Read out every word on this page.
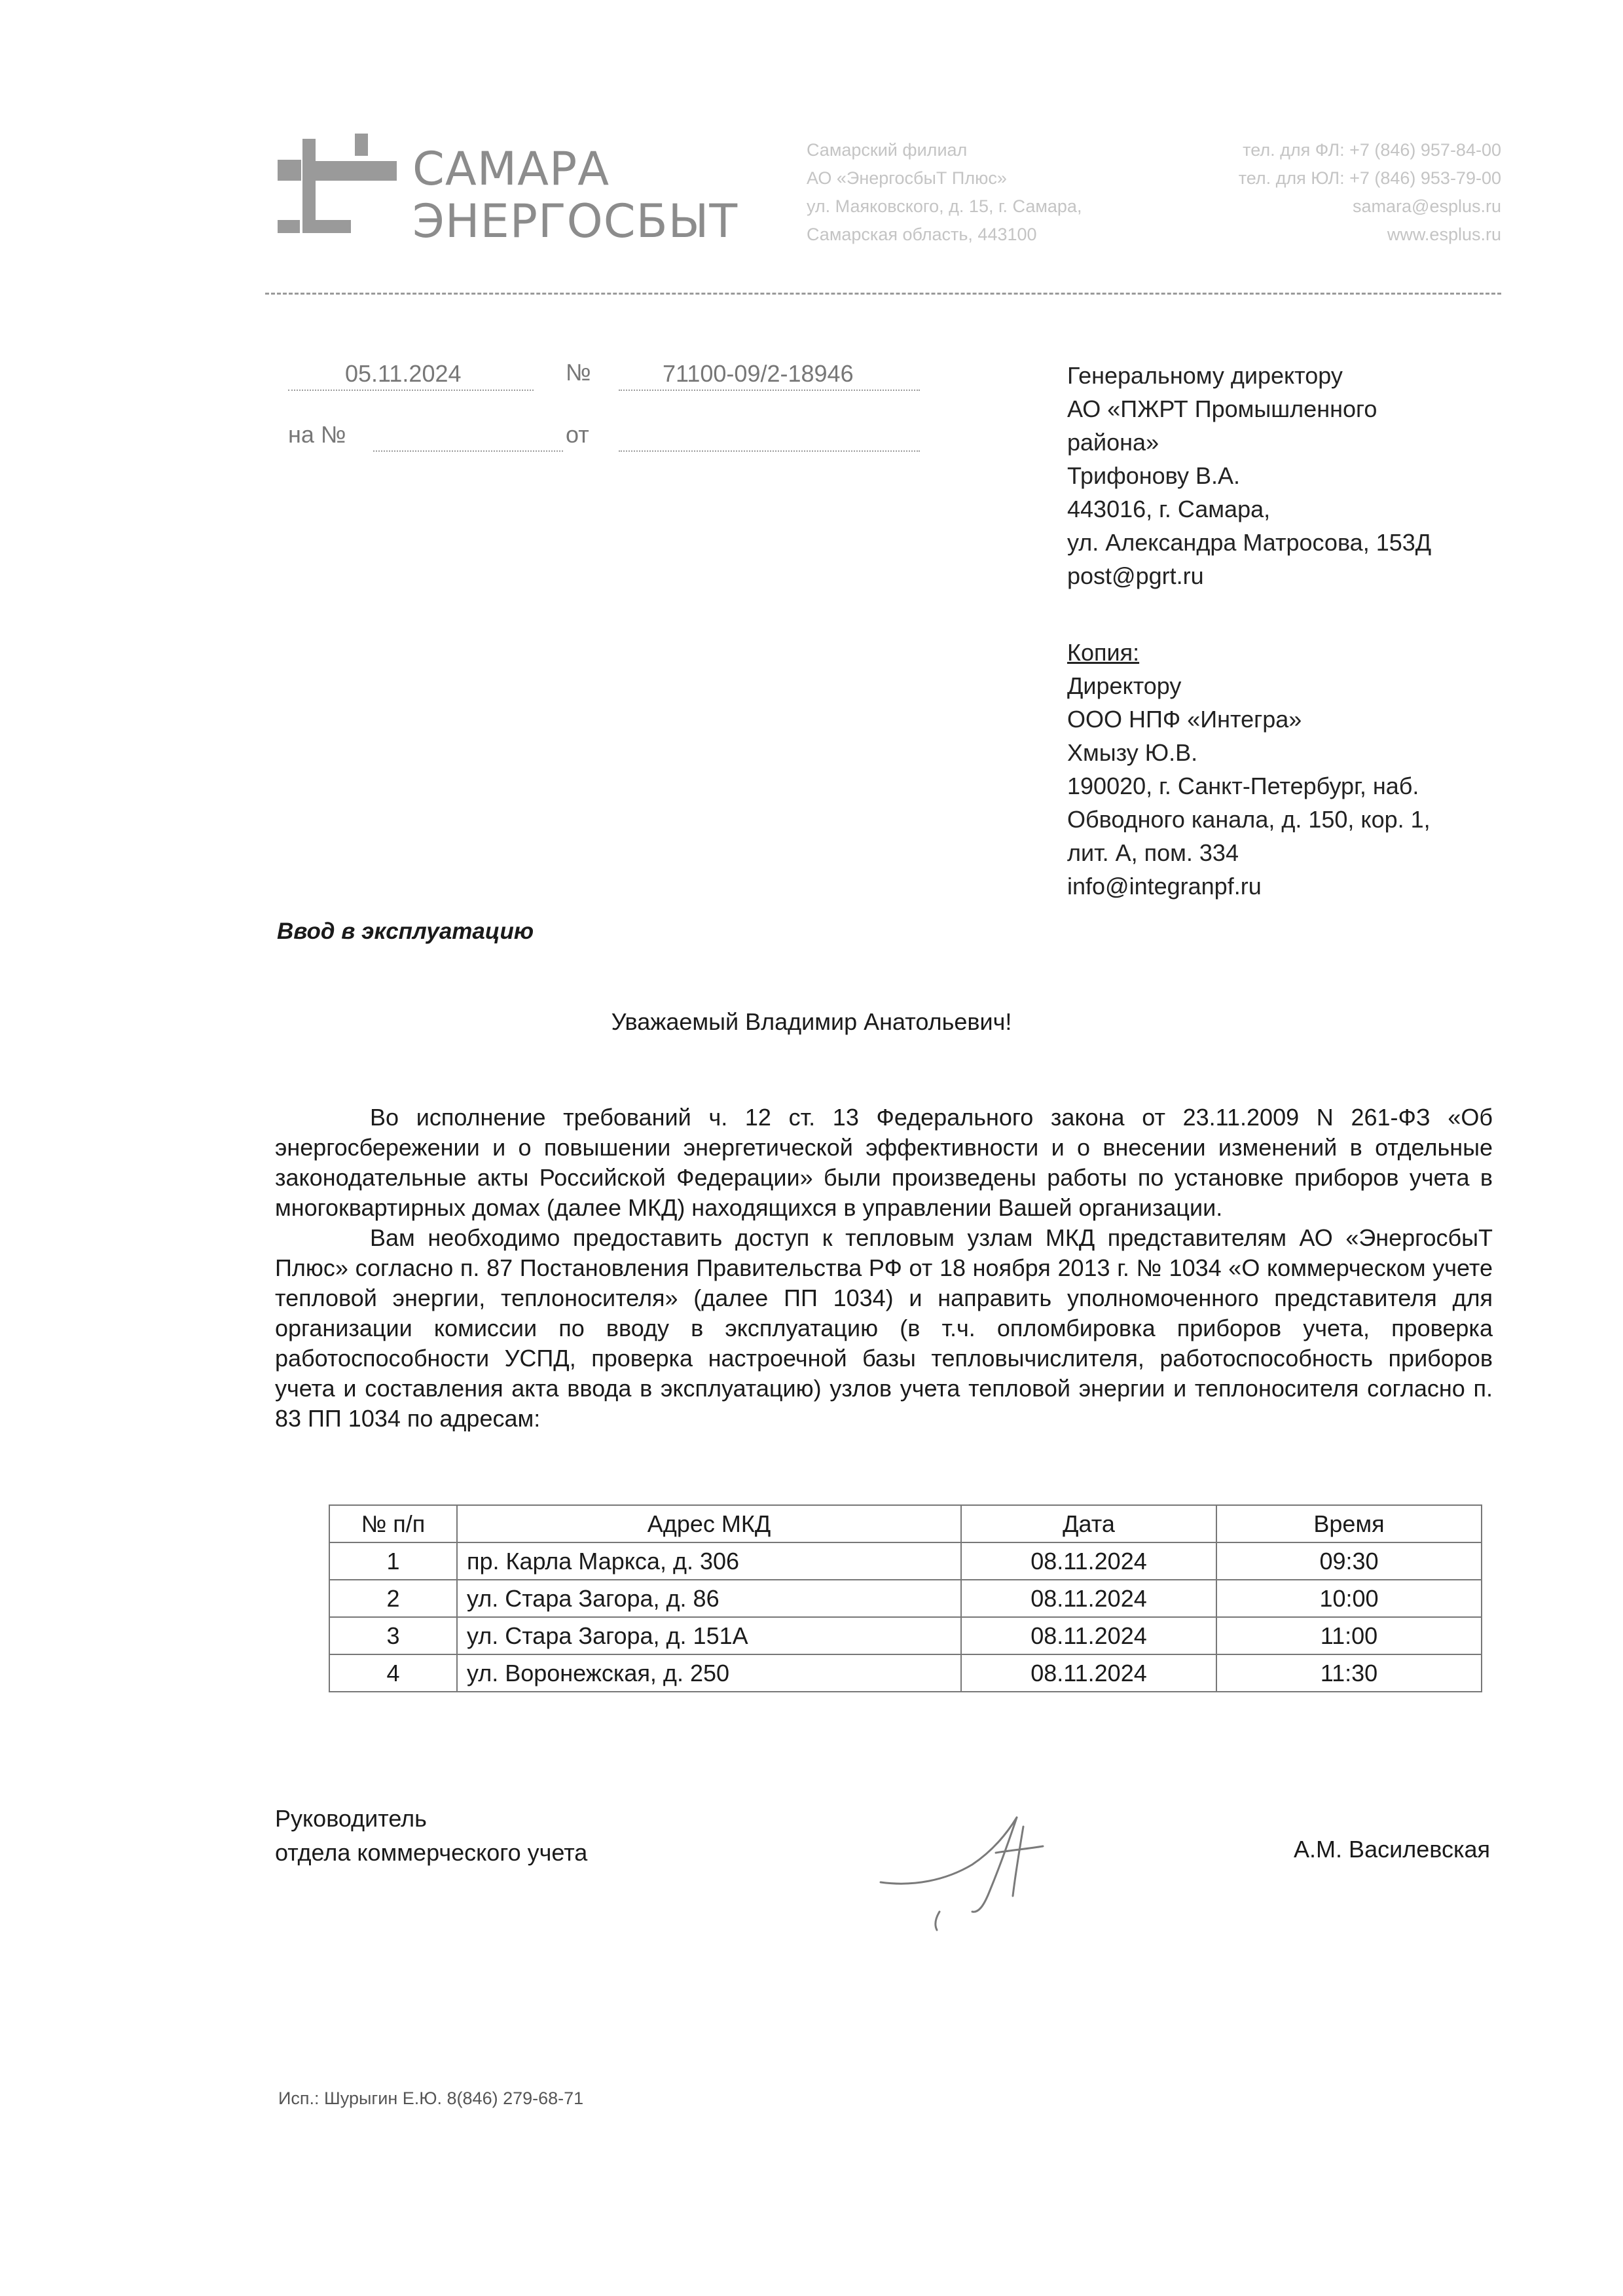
САМАРА
ЭНЕРГОСБЫТ
Самарский филиал
АО «ЭнергосбыТ Плюс»
ул. Маяковского, д. 15, г. Самара,
Самарская область, 443100
тел. для ФЛ: +7 (846) 957-84-00
тел. для ЮЛ: +7 (846) 953-79-00
samara@esplus.ru
www.esplus.ru
05.11.2024	№	71100-09/2-18946
на №	от
Генеральному директору
АО «ПЖРТ Промышленного
района»
Трифонову В.А.
443016, г. Самара,
ул. Александра Матросова, 153Д
post@pgrt.ru
Копия:
Директору
ООО НПФ «Интегра»
Хмызу Ю.В.
190020, г. Санкт-Петербург, наб.
Обводного канала, д. 150, кор. 1,
лит. А, пом. 334
info@integranpf.ru
Ввод в эксплуатацию
Уважаемый Владимир Анатольевич!

Во исполнение требований ч. 12 ст. 13 Федерального закона от 23.11.2009 N 261-ФЗ «Об энергосбережении и о повышении энергетической эффективности и о внесении изменений в отдельные законодательные акты Российской Федерации» были произведены работы по установке приборов учета в многоквартирных домах (далее МКД) находящихся в управлении Вашей организации.

Вам необходимо предоставить доступ к тепловым узлам МКД представителям АО «ЭнергосбыТ Плюс» согласно п. 87 Постановления Правительства РФ от 18 ноября 2013 г. № 1034 «О коммерческом учете тепловой энергии, теплоносителя» (далее ПП 1034) и направить уполномоченного представителя для организации комиссии по вводу в эксплуатацию (в т.ч. опломбировка приборов учета, проверка работоспособности УСПД, проверка настроечной базы тепловычислителя, работоспособность приборов учета и составления акта ввода в эксплуатацию) узлов учета тепловой энергии и теплоносителя согласно п. 83 ПП 1034 по адресам:

№ п/п	Адрес МКД	Дата	Время
1	пр. Карла Маркса, д. 306	08.11.2024	09:30
2	ул. Стара Загора, д. 86	08.11.2024	10:00
3	ул. Стара Загора, д. 151А	08.11.2024	11:00
4	ул. Воронежская, д. 250	08.11.2024	11:30
Руководитель
отдела коммерческого учета	А.М. Василевская
Исп.: Шурыгин Е.Ю. 8(846) 279-68-71
